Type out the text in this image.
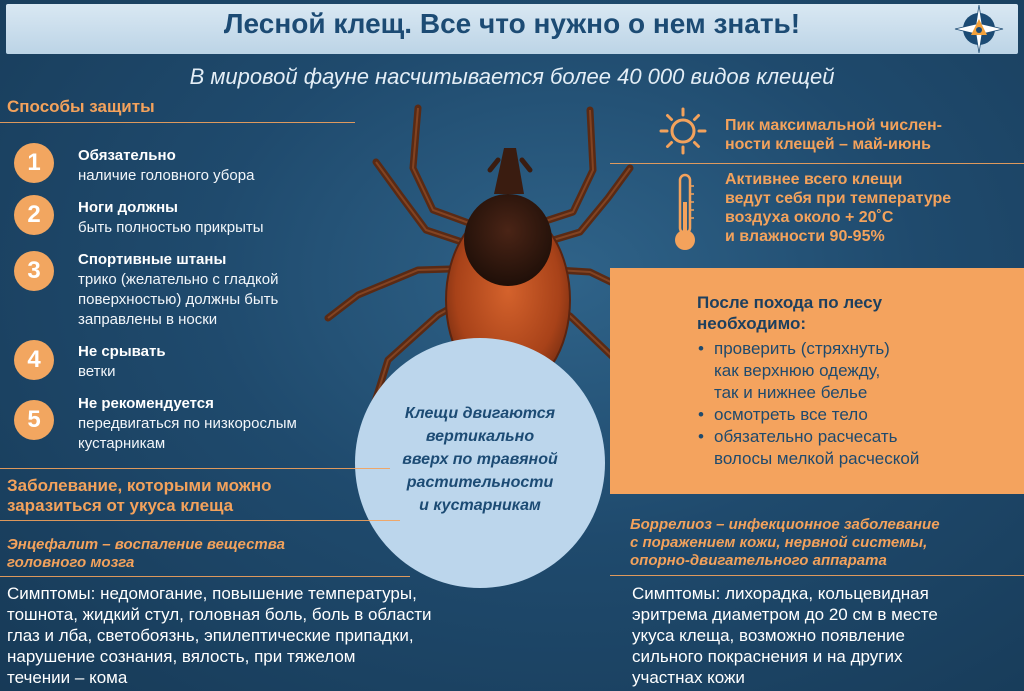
Лесной клещ. Все что нужно о нем знать!
В мировой фауне насчитывается более 40 000 видов клещей
Способы защиты
1	Обязательно
наличие головного убора
2	Ноги должны
быть полностью прикрыты
3	Спортивные штаны
трико (желательно с гладкой
поверхностью) должны быть
заправлены в носки
4	Не срывать
ветки
5
Не рекомендуется
передвигаться по низкорослым
кустарникам
Клещи двигаются
вертикально
вверх по травяной
растительности
и кустарникам
Пик максимальной числен-
ности клещей – май-июнь
Активнее всего клещи
ведут себя при температуре
воздуха около + 20˚С
и влажности 90-95%
После похода по лесу
необходимо:
• проверить (стряхнуть)
как верхнюю одежду,
так и нижнее белье
• осмотреть все тело
• обязательно расчесать
волосы мелкой расческой
Заболевание, которыми можно
заразиться от укуса клеща
Энцефалит – воспаление вещества
головного мозга
Симптомы: недомогание, повышение температуры,
тошнота, жидкий стул, головная боль, боль в области
глаз и лба, светобоязнь, эпилептические припадки,
нарушение сознания, вялость, при тяжелом
течении – кома
Боррелиоз – инфекционное заболевание
с поражением кожи, нервной системы,
опорно-двигательного аппарата
Симптомы: лихорадка, кольцевидная
эритрема диаметром до 20 см в месте
укуса клеща, возможно появление
сильного покраснения и на других
участнах кожи
